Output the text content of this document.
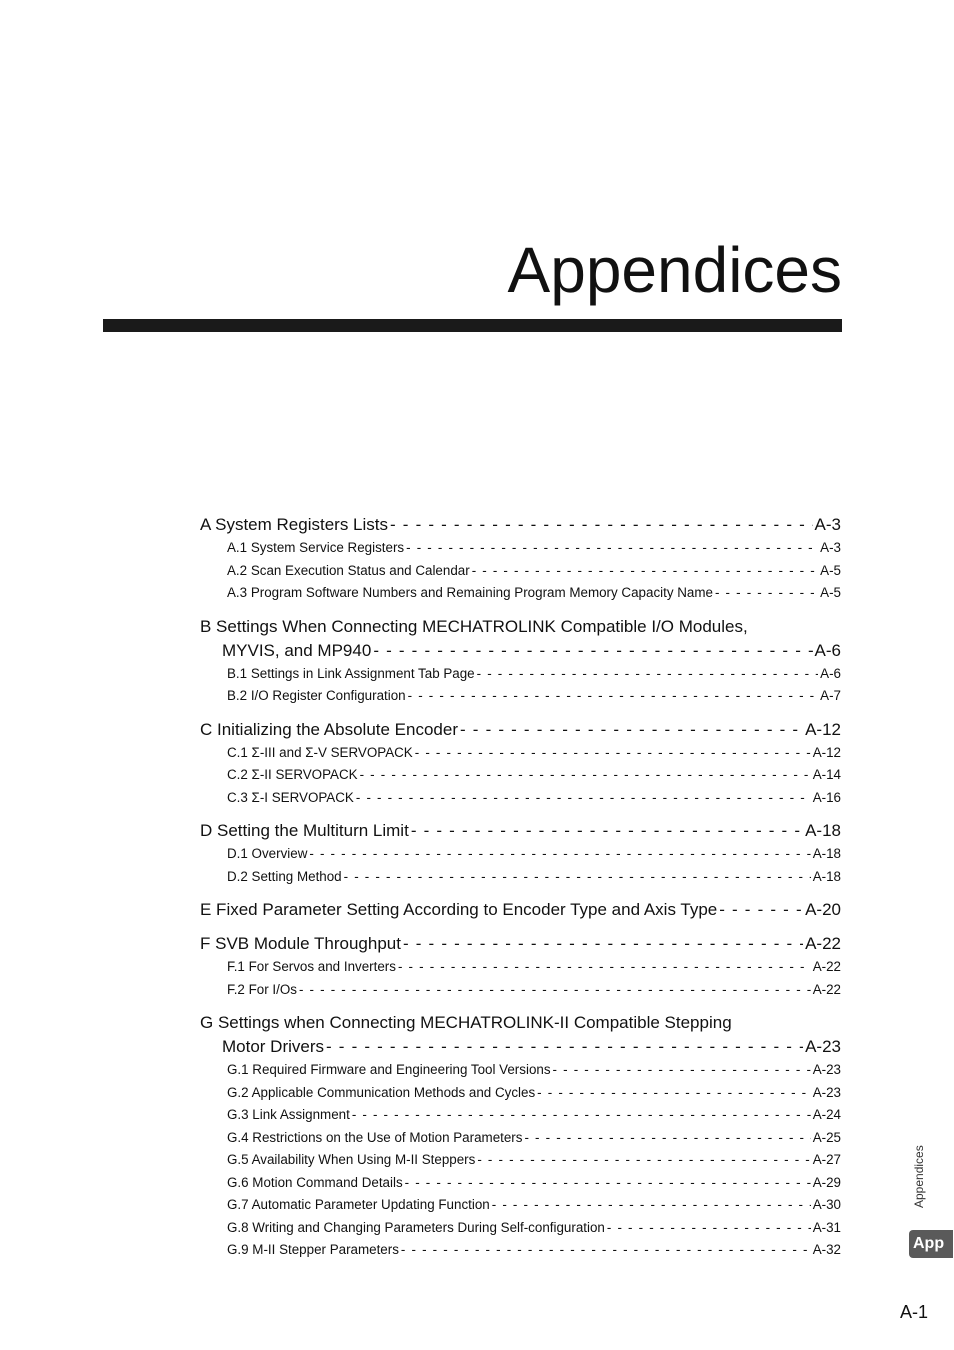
Appendices
A System Registers Lists - - -	A-3
A.1 System Service Registers - - -	A-3
A.2 Scan Execution Status and Calendar - - -	A-5
A.3 Program Software Numbers and Remaining Program Memory Capacity Name - - -	A-5
B Settings When Connecting MECHATROLINK Compatible I/O Modules,
MYVIS, and MP940 - - -	A-6
B.1 Settings in Link Assignment Tab Page - - -	A-6
B.2 I/O Register Configuration - - -	A-7
C Initializing the Absolute Encoder - - -	A-12
C.1 Σ-III and Σ-V SERVOPACK - - -	A-12
C.2 Σ-II SERVOPACK - - -	A-14
C.3 Σ-I SERVOPACK - - -	A-16
D Setting the Multiturn Limit - - -	A-18
D.1 Overview - - -	A-18
D.2 Setting Method - - -	A-18
E Fixed Parameter Setting According to Encoder Type and Axis Type - - -	A-20
F SVB Module Throughput - - -	A-22
F.1 For Servos and Inverters - - -	A-22
F.2 For I/Os - - -	A-22
G Settings when Connecting MECHATROLINK-II Compatible Stepping
Motor Drivers - - -	A-23
G.1 Required Firmware and Engineering Tool Versions - - -	A-23
G.2 Applicable Communication Methods and Cycles - - -	A-23
G.3 Link Assignment - - -	A-24
G.4 Restrictions on the Use of Motion Parameters - - -	A-25
G.5 Availability When Using M-II Steppers - - -	A-27
G.6 Motion Command Details - - -	A-29
G.7 Automatic Parameter Updating Function - - -	A-30
G.8 Writing and Changing Parameters During Self-configuration - - -	A-31
G.9 M-II Stepper Parameters - - -	A-32
Appendices
App
A-1
